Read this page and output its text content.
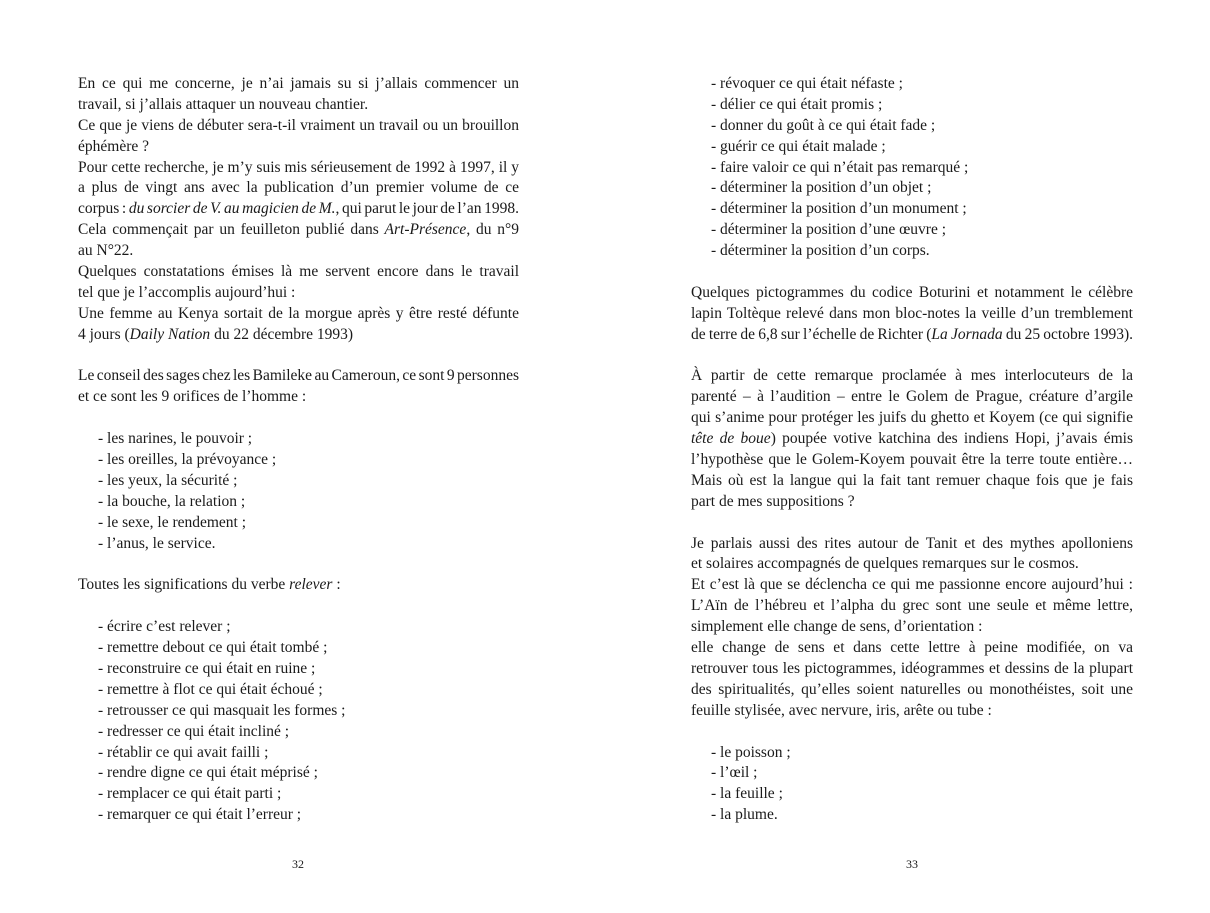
En ce qui me concerne, je n’ai jamais su si j’allais commencer un
travail, si j’allais attaquer un nouveau chantier.
Ce que je viens de débuter sera-t-il vraiment un travail ou un brouillon
éphémère ?
Pour cette recherche, je m’y suis mis sérieusement de 1992 à 1997, il y
a plus de vingt ans avec la publication d’un premier volume de ce
corpus : du sorcier de V. au magicien de M., qui parut le jour de l’an 1998.
Cela commençait par un feuilleton publié dans Art-Présence, du n°9
au N°22.
Quelques constatations émises là me servent encore dans le travail
tel que je l’accomplis aujourd’hui :
Une femme au Kenya sortait de la morgue après y être resté défunte
4 jours (Daily Nation du 22 décembre 1993)

Le conseil des sages chez les Bamileke au Cameroun, ce sont 9 personnes
et ce sont les 9 orifices de l’homme :

- les narines, le pouvoir ;
- les oreilles, la prévoyance ;
- les yeux, la sécurité ;
- la bouche, la relation ;
- le sexe, le rendement ;
- l’anus, le service.

Toutes les significations du verbe relever :

- écrire c’est relever ;
- remettre debout ce qui était tombé ;
- reconstruire ce qui était en ruine ;
- remettre à flot ce qui était échoué ;
- retrousser ce qui masquait les formes ;
- redresser ce qui était incliné ;
- rétablir ce qui avait failli ;
- rendre digne ce qui était méprisé ;
- remplacer ce qui était parti ;
- remarquer ce qui était l’erreur ;
- révoquer ce qui était néfaste ;
- délier ce qui était promis ;
- donner du goût à ce qui était fade ;
- guérir ce qui était malade ;
- faire valoir ce qui n’était pas remarqué ;
- déterminer la position d’un objet ;
- déterminer la position d’un monument ;
- déterminer la position d’une œuvre ;
- déterminer la position d’un corps.

Quelques pictogrammes du codice Boturini et notamment le célèbre
lapin Toltèque relevé dans mon bloc-notes la veille d’un tremblement
de terre de 6,8 sur l’échelle de Richter (La Jornada du 25 octobre 1993).

À partir de cette remarque proclamée à mes interlocuteurs de la
parenté – à l’audition – entre le Golem de Prague, créature d’argile
qui s’anime pour protéger les juifs du ghetto et Koyem (ce qui signifie
tête de boue) poupée votive katchina des indiens Hopi, j’avais émis
l’hypothèse que le Golem-Koyem pouvait être la terre toute entière…
Mais où est la langue qui la fait tant remuer chaque fois que je fais
part de mes suppositions ?

Je parlais aussi des rites autour de Tanit et des mythes apolloniens
et solaires accompagnés de quelques remarques sur le cosmos.
Et c’est là que se déclencha ce qui me passionne encore aujourd’hui :
L’Aïn de l’hébreu et l’alpha du grec sont une seule et même lettre,
simplement elle change de sens, d’orientation :
elle change de sens et dans cette lettre à peine modifiée, on va
retrouver tous les pictogrammes, idéogrammes et dessins de la plupart
des spiritualités, qu’elles soient naturelles ou monothéistes, soit une
feuille stylisée, avec nervure, iris, arête ou tube :

- le poisson ;
- l’œil ;
- la feuille ;
- la plume.
32	33
